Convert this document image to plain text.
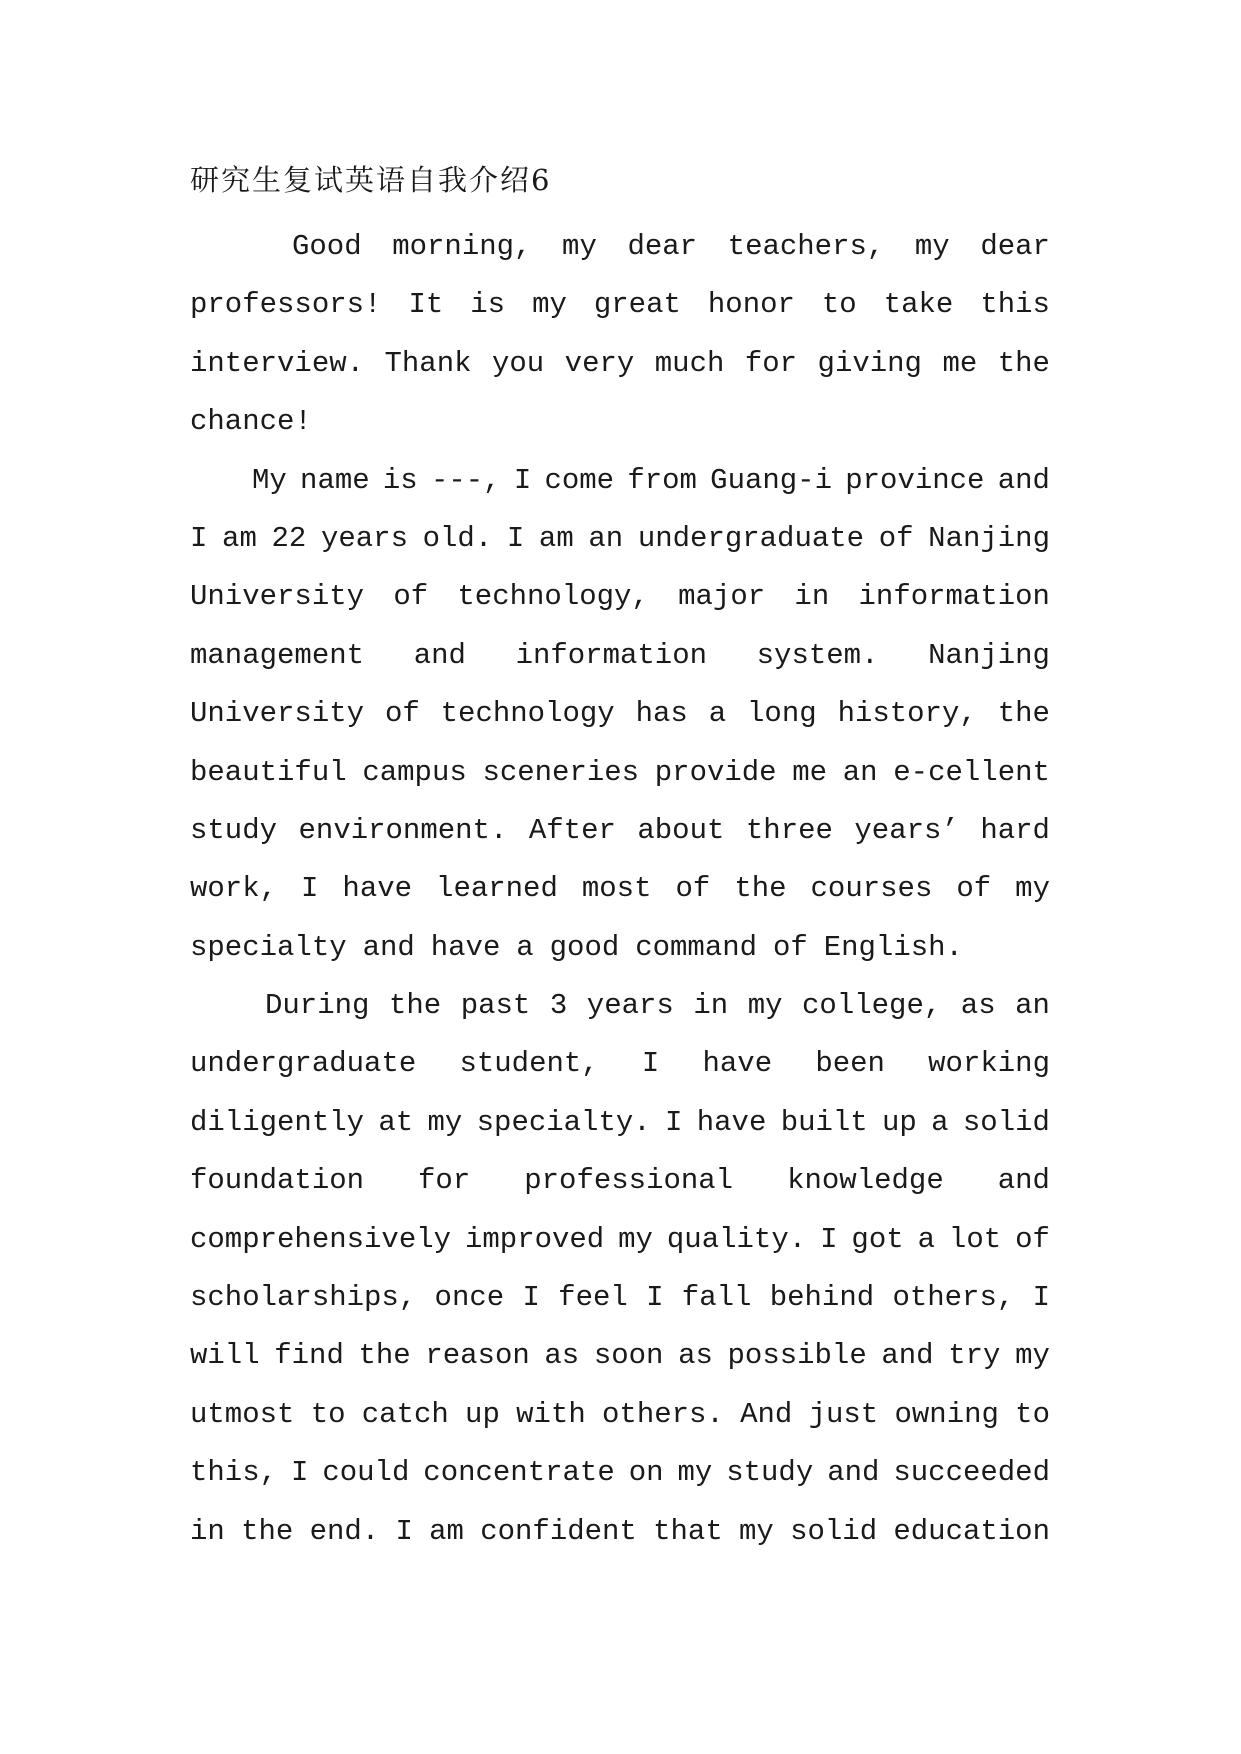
研究生复试英语自我介绍6
Good morning, my dear teachers, my dear
professors! It is my great honor to take this
interview. Thank you very much for giving me the
chance!
My name is ---, I come from Guang-i province and
I am 22 years old. I am an undergraduate of Nanjing
University of technology, major in information
management and information system. Nanjing
University of technology has a long history, the
beautiful campus sceneries provide me an e-cellent
study environment. After about three years’ hard
work, I have learned most of the courses of my
specialty and have a good command of English.
During the past 3 years in my college, as an
undergraduate student, I have been working
diligently at my specialty. I have built up a solid
foundation for professional knowledge and
comprehensively improved my quality. I got a lot of
scholarships, once I feel I fall behind others, I
will find the reason as soon as possible and try my
utmost to catch up with others. And just owning to
this, I could concentrate on my study and succeeded
in the end. I am confident that my solid education
